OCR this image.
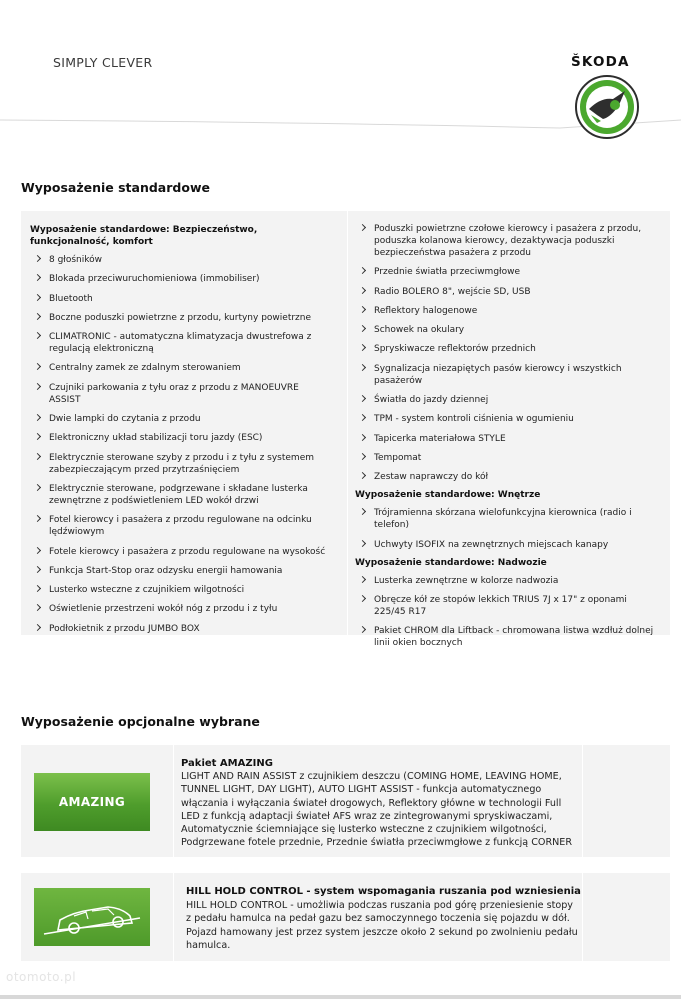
SIMPLY CLEVER	ŠKODA
Wyposażenie standardowe
Wyposażenie standardowe: Bezpieczeństwo, funkcjonalność, komfort
8 głośników
Blokada przeciwuruchomieniowa (immobiliser)
Bluetooth
Boczne poduszki powietrzne z przodu, kurtyny powietrzne
CLIMATRONIC - automatyczna klimatyzacja dwustrefowa z regulacją elektroniczną
Centralny zamek ze zdalnym sterowaniem
Czujniki parkowania z tyłu oraz z przodu z MANOEUVRE ASSIST
Dwie lampki do czytania z przodu
Elektroniczny układ stabilizacji toru jazdy (ESC)
Elektrycznie sterowane szyby z przodu i z tyłu z systemem zabezpieczającym przed przytrzaśnięciem
Elektrycznie sterowane, podgrzewane i składane lusterka zewnętrzne z podświetleniem LED wokół drzwi
Fotel kierowcy i pasażera z przodu regulowane na odcinku lędźwiowym
Fotele kierowcy i pasażera z przodu regulowane na wysokość
Funkcja Start-Stop oraz odzysku energii hamowania
Lusterko wsteczne z czujnikiem wilgotności
Oświetlenie przestrzeni wokół nóg z przodu i z tyłu
Podłokietnik z przodu JUMBO BOX
Poduszki powietrzne czołowe kierowcy i pasażera z przodu, poduszka kolanowa kierowcy, dezaktywacja poduszki bezpieczeństwa pasażera z przodu
Przednie światła przeciwmgłowe
Radio BOLERO 8", wejście SD, USB
Reflektory halogenowe
Schowek na okulary
Spryskiwacze reflektorów przednich
Sygnalizacja niezapiętych pasów kierowcy i wszystkich pasażerów
Światła do jazdy dziennej
TPM - system kontroli ciśnienia w ogumieniu
Tapicerka materiałowa STYLE
Tempomat
Zestaw naprawczy do kół
Wyposażenie standardowe: Wnętrze
Trójramienna skórzana wielofunkcyjna kierownica (radio i telefon)
Uchwyty ISOFIX na zewnętrznych miejscach kanapy
Wyposażenie standardowe: Nadwozie
Lusterka zewnętrzne w kolorze nadwozia
Obręcze kół ze stopów lekkich TRIUS 7J x 17" z oponami 225/45 R17
Pakiet CHROM dla Liftback - chromowana listwa wzdłuż dolnej linii okien bocznych
Wyposażenie opcjonalne wybrane
AMAZING
Pakiet AMAZING
LIGHT AND RAIN ASSIST z czujnikiem deszczu (COMING HOME, LEAVING HOME, TUNNEL LIGHT, DAY LIGHT), AUTO LIGHT ASSIST - funkcja automatycznego włączania i wyłączania świateł drogowych, Reflektory główne w technologii Full LED z funkcją adaptacji świateł AFS wraz ze zintegrowanymi spryskiwaczami, Automatycznie ściemniające się lusterko wsteczne z czujnikiem wilgotności, Podgrzewane fotele przednie, Przednie światła przeciwmgłowe z funkcją CORNER
HILL HOLD CONTROL - system wspomagania ruszania pod wzniesienia
HILL HOLD CONTROL - umożliwia podczas ruszania pod górę przeniesienie stopy z pedału hamulca na pedał gazu bez samoczynnego toczenia się pojazdu w dół. Pojazd hamowany jest przez system jeszcze około 2 sekund po zwolnieniu pedału hamulca.
otomoto.pl
